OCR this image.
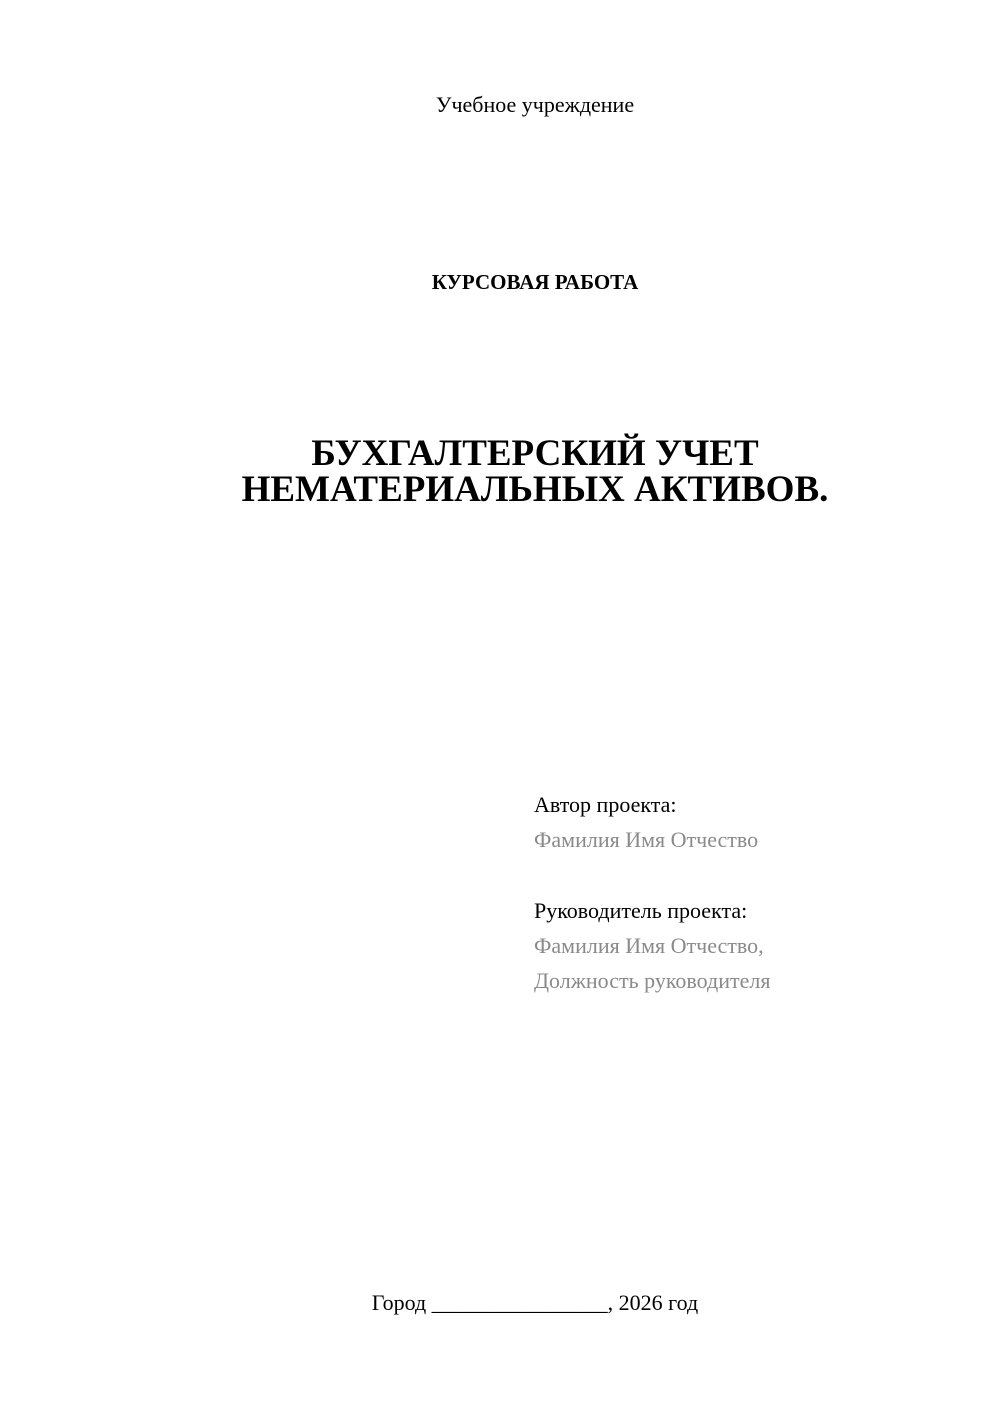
Учебное учреждение
КУРСОВАЯ РАБОТА
БУХГАЛТЕРСКИЙ УЧЕТ
НЕМАТЕРИАЛЬНЫХ АКТИВОВ.
Автор проекта:
Фамилия Имя Отчество
Руководитель проекта:
Фамилия Имя Отчество,
Должность руководителя
Город ________________, 2026 год
